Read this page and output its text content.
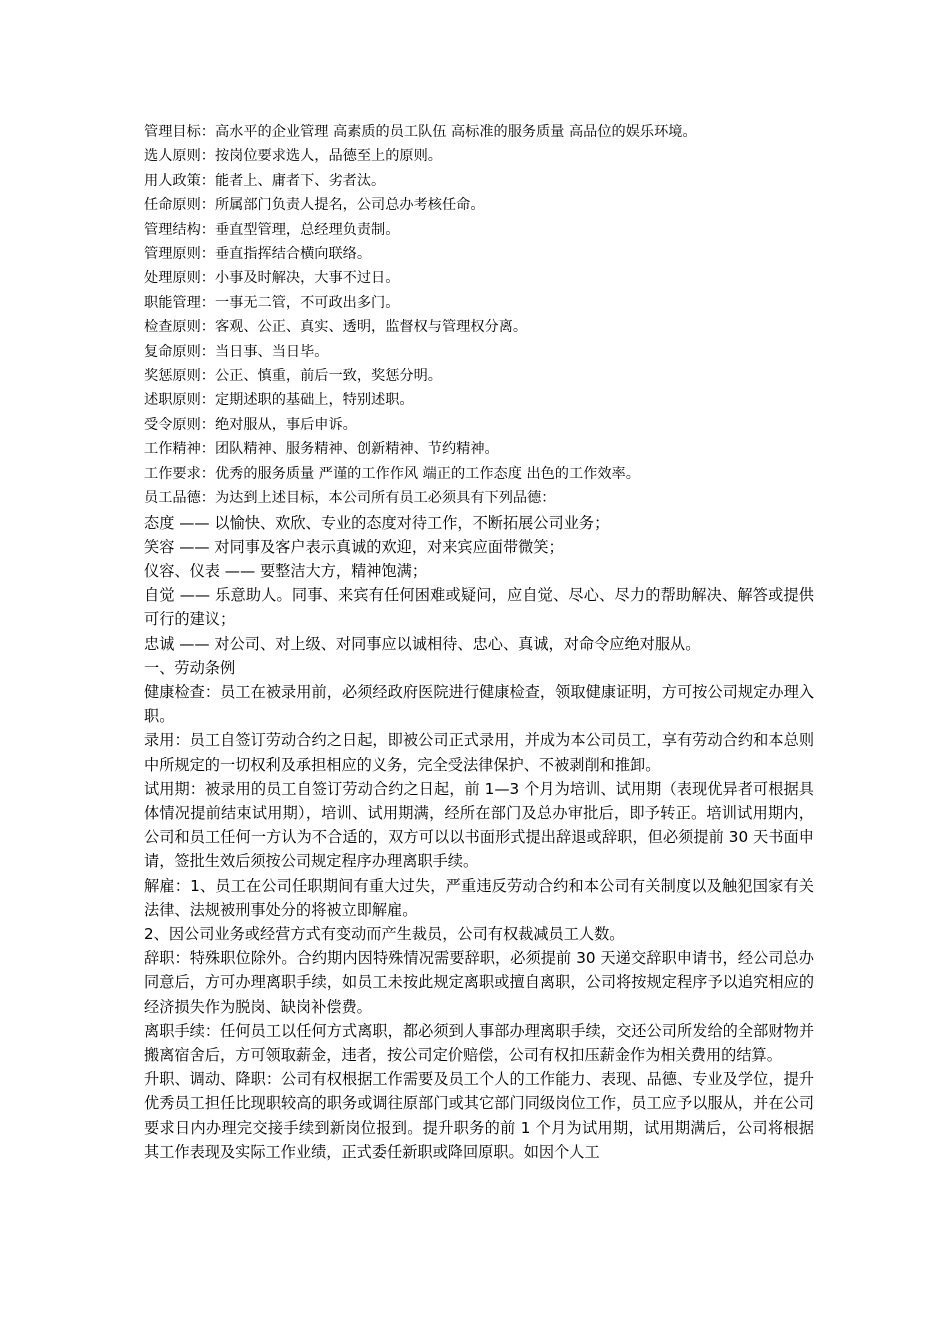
管理目标：高水平的企业管理 高素质的员工队伍 高标准的服务质量 高品位的娱乐环境。

选人原则：按岗位要求选人，品德至上的原则。

用人政策：能者上、庸者下、劣者汰。

任命原则：所属部门负责人提名，公司总办考核任命。

管理结构：垂直型管理，总经理负责制。

管理原则：垂直指挥结合横向联络。

处理原则：小事及时解决，大事不过日。

职能管理：一事无二管，不可政出多门。

检查原则：客观、公正、真实、透明，监督权与管理权分离。

复命原则：当日事、当日毕。

奖惩原则：公正、慎重，前后一致，奖惩分明。

述职原则：定期述职的基础上，特别述职。

受令原则：绝对服从，事后申诉。

工作精神：团队精神、服务精神、创新精神、节约精神。

工作要求：优秀的服务质量 严谨的工作作风 端正的工作态度 出色的工作效率。

员工品德：为达到上述目标，本公司所有员工必须具有下列品德：

态度 —— 以愉快、欢欣、专业的态度对待工作，不断拓展公司业务；

笑容 —— 对同事及客户表示真诚的欢迎，对来宾应面带微笑；

仪容、仪表 —— 要整洁大方，精神饱满；

自觉 —— 乐意助人。同事、来宾有任何困难或疑问，应自觉、尽心、尽力的帮助解决、解答或提供可行的建议；

忠诚 —— 对公司、对上级、对同事应以诚相待、忠心、真诚，对命令应绝对服从。

一、劳动条例

健康检查：员工在被录用前，必须经政府医院进行健康检查，领取健康证明，方可按公司规定办理入职。

录用：员工自签订劳动合约之日起，即被公司正式录用，并成为本公司员工，享有劳动合约和本总则中所规定的一切权利及承担相应的义务，完全受法律保护、不被剥削和推卸。

试用期：被录用的员工自签订劳动合约之日起，前 1—3 个月为培训、试用期（表现优异者可根据具体情况提前结束试用期），培训、试用期满，经所在部门及总办审批后，即予转正。培训试用期内，公司和员工任何一方认为不合适的，双方可以以书面形式提出辞退或辞职，但必须提前 30 天书面申请，签批生效后须按公司规定程序办理离职手续。

解雇：1、员工在公司任职期间有重大过失，严重违反劳动合约和本公司有关制度以及触犯国家有关法律、法规被刑事处分的将被立即解雇。

2、因公司业务或经营方式有变动而产生裁员，公司有权裁减员工人数。

辞职：特殊职位除外。合约期内因特殊情况需要辞职，必须提前 30 天递交辞职申请书，经公司总办同意后，方可办理离职手续，如员工未按此规定离职或擅自离职，公司将按规定程序予以追究相应的经济损失作为脱岗、缺岗补偿费。

离职手续：任何员工以任何方式离职，都必须到人事部办理离职手续，交还公司所发给的全部财物并搬离宿舍后，方可领取薪金，违者，按公司定价赔偿，公司有权扣压薪金作为相关费用的结算。

升职、调动、降职：公司有权根据工作需要及员工个人的工作能力、表现、品德、专业及学位，提升优秀员工担任比现职较高的职务或调往原部门或其它部门同级岗位工作，员工应予以服从，并在公司要求日内办理完交接手续到新岗位报到。提升职务的前 1 个月为试用期，试用期满后，公司将根据其工作表现及实际工作业绩，正式委任新职或降回原职。如因个人工
